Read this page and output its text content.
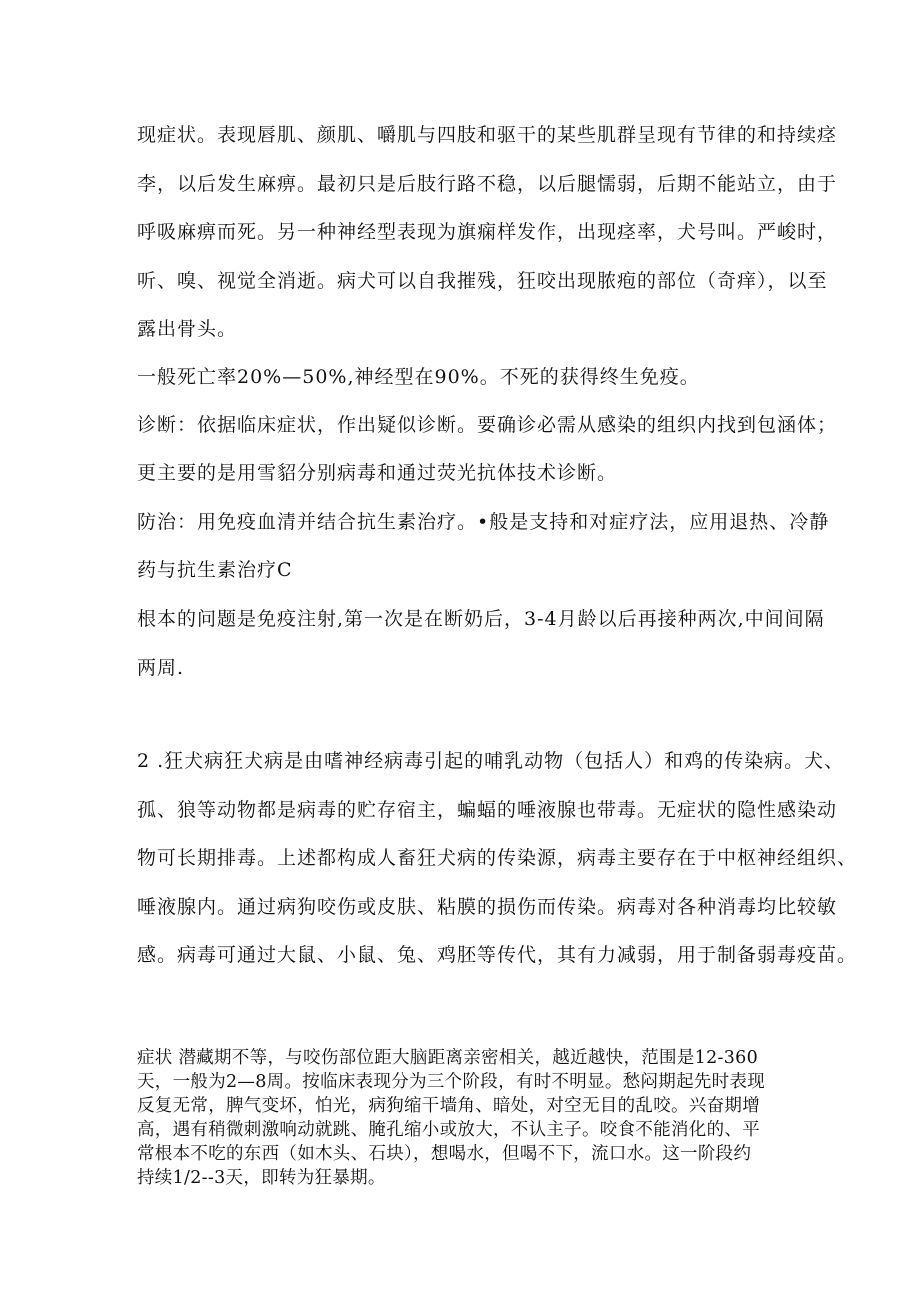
现症状。表现唇肌、颜肌、嚼肌与四肢和驱干的某些肌群呈现有节律的和持续痉

李，以后发生麻痹。最初只是后肢行路不稳，以后腿懦弱，后期不能站立，由于

呼吸麻痹而死。另一种神经型表现为旗痫样发作，出现痉率，犬号叫。严峻时，

听、嗅、视觉全消逝。病犬可以自我摧残，狂咬出现脓疱的部位（奇痒），以至

露出骨头。

一般死亡率20%—50%,神经型在90%。不死的获得终生免疫。

诊断：依据临床症状，作出疑似诊断。要确诊必需从感染的组织内找到包涵体；

更主要的是用雪貂分别病毒和通过荧光抗体技术诊断。

防治：用免疫血清并结合抗生素治疗。•般是支持和对症疗法，应用退热、冷静

药与抗生素治疗C

根本的问题是免疫注射,第一次是在断奶后，3-4月龄以后再接种两次,中间间隔

两周.

2 .狂犬病狂犬病是由嗜神经病毒引起的哺乳动物（包括人）和鸡的传染病。犬、

孤、狼等动物都是病毒的贮存宿主，蝙蝠的唾液腺也带毒。无症状的隐性感染动

物可长期排毒。上述都构成人畜狂犬病的传染源，病毒主要存在于中枢神经组织、

唾液腺内。通过病狗咬伤或皮肤、粘膜的损伤而传染。病毒对各种消毒均比较敏

感。病毒可通过大鼠、小鼠、兔、鸡胚等传代，其有力减弱，用于制备弱毒疫苗。

症状 潜藏期不等，与咬伤部位距大脑距离亲密相关，越近越快，范围是12-360

天，一般为2—8周。按临床表现分为三个阶段，有时不明显。愁闷期起先时表现

反复无常，脾气变坏，怕光，病狗缩干墙角、暗处，对空无目的乱咬。兴奋期增

高，遇有稍微刺激响动就跳、腌孔缩小或放大，不认主子。咬食不能消化的、平

常根本不吃的东西（如木头、石块），想喝水，但喝不下，流口水。这一阶段约

持续1/2--3天，即转为狂暴期。
